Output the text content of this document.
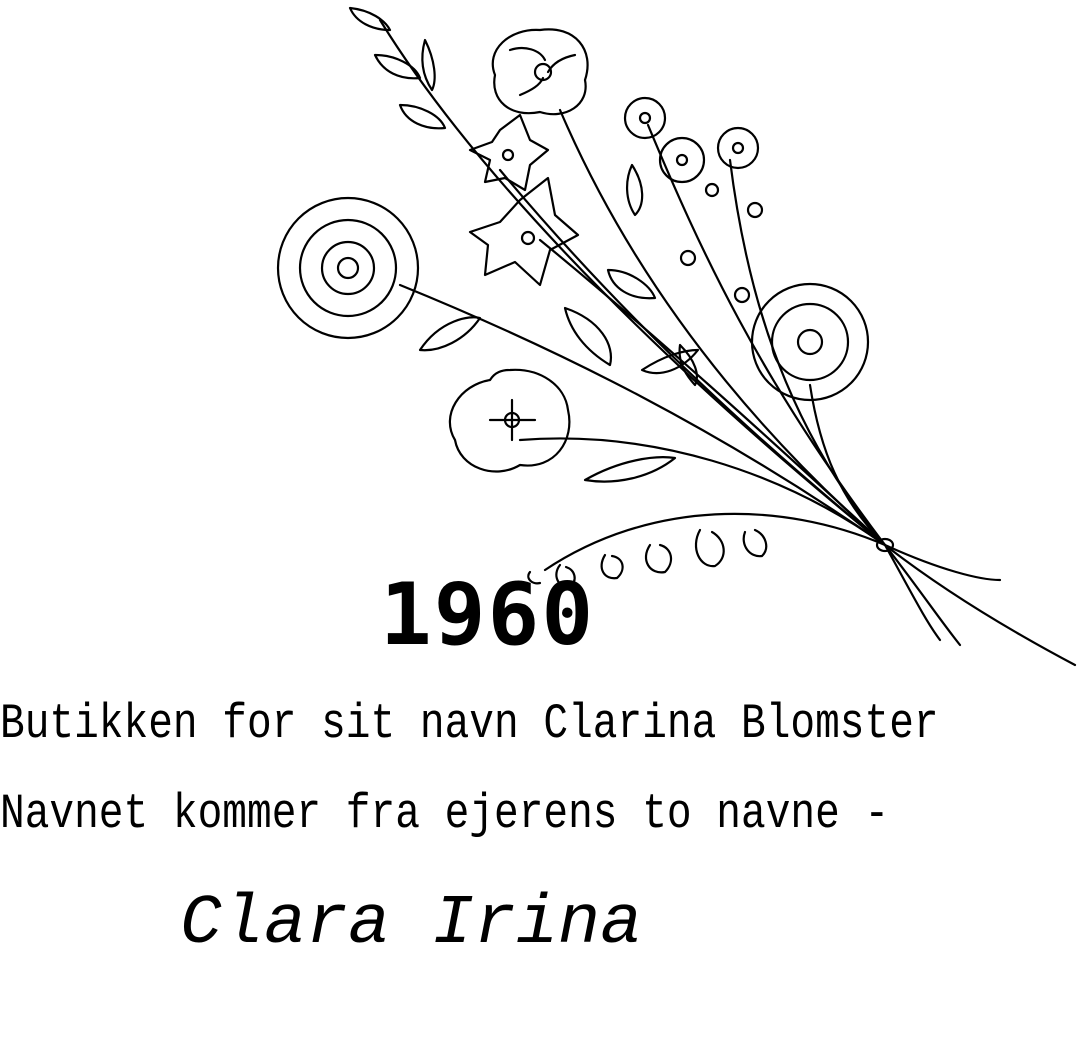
1960
Butikken for sit navn Clarina Blomster
Navnet kommer fra ejerens to navne -
Clara Irina
